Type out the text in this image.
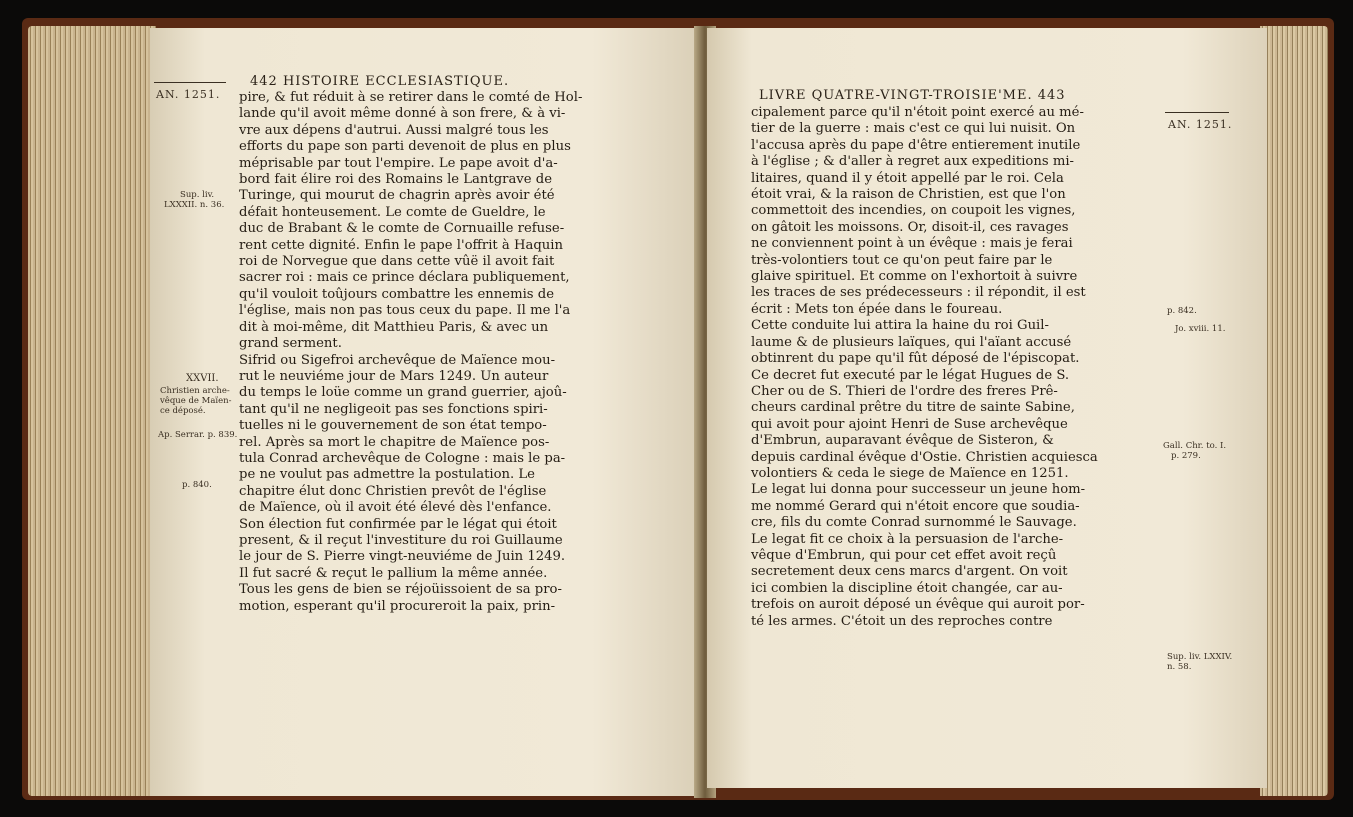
AN. 1251.
Sup. liv.
LXXXII. n. 36.
XXVII.
Christien arche-
vêque de Maïen-
ce déposé.
Ap. Serrar. p. 839.
p. 840.
442 HISTOIRE ECCLESIASTIQUE.
pire, & fut réduit à se retirer dans le comté de Hol-
lande qu'il avoit même donné à son frere, & à vi-
vre aux dépens d'autrui. Aussi malgré tous les
efforts du pape son parti devenoit de plus en plus
méprisable par tout l'empire. Le pape avoit d'a-
bord fait élire roi des Romains le Lantgrave de
Turinge, qui mourut de chagrin après avoir été
défait honteusement. Le comte de Gueldre, le
duc de Brabant & le comte de Cornuaille refuse-
rent cette dignité. Enfin le pape l'offrit à Haquin
roi de Norvegue que dans cette vûë il avoit fait
sacrer roi : mais ce prince déclara publiquement,
qu'il vouloit toûjours combattre les ennemis de
l'église, mais non pas tous ceux du pape. Il me l'a
dit à moi-même, dit Matthieu Paris, & avec un
grand serment.
Sifrid ou Sigefroi archevêque de Maïence mou-
rut le neuviéme jour de Mars 1249. Un auteur
du temps le loüe comme un grand guerrier, ajoû-
tant qu'il ne negligeoit pas ses fonctions spiri-
tuelles ni le gouvernement de son état tempo-
rel. Après sa mort le chapitre de Maïence pos-
tula Conrad archevêque de Cologne : mais le pa-
pe ne voulut pas admettre la postulation. Le
chapitre élut donc Christien prevôt de l'église
de Maïence, où il avoit été élevé dès l'enfance.
Son élection fut confirmée par le légat qui étoit
present, & il reçut l'investiture du roi Guillaume
le jour de S. Pierre vingt-neuviéme de Juin 1249.
Il fut sacré & reçut le pallium la même année.
Tous les gens de bien se réjoüissoient de sa pro-
motion, esperant qu'il procureroit la paix, prin-
LIVRE QUATRE-VINGT-TROISIE'ME. 443
AN. 1251.
p. 842.
Jo. xviii. 11.
Gall. Chr. to. I.
p. 279.
Sup. liv. LXXIV.
n. 58.
cipalement parce qu'il n'étoit point exercé au mé-
tier de la guerre : mais c'est ce qui lui nuisit. On
l'accusa après du pape d'être entierement inutile
à l'église ; & d'aller à regret aux expeditions mi-
litaires, quand il y étoit appellé par le roi. Cela
étoit vrai, & la raison de Christien, est que l'on
commettoit des incendies, on coupoit les vignes,
on gâtoit les moissons. Or, disoit-il, ces ravages
ne conviennent point à un évêque : mais je ferai
très-volontiers tout ce qu'on peut faire par le
glaive spirituel. Et comme on l'exhortoit à suivre
les traces de ses prédecesseurs : il répondit, il est
écrit : Mets ton épée dans le foureau.
Cette conduite lui attira la haine du roi Guil-
laume & de plusieurs laïques, qui l'aïant accusé
obtinrent du pape qu'il fût déposé de l'épiscopat.
Ce decret fut executé par le légat Hugues de S.
Cher ou de S. Thieri de l'ordre des freres Prê-
cheurs cardinal prêtre du titre de sainte Sabine,
qui avoit pour ajoint Henri de Suse archevêque
d'Embrun, auparavant évêque de Sisteron, &
depuis cardinal évêque d'Ostie. Christien acquiesca
volontiers & ceda le siege de Maïence en 1251.
Le legat lui donna pour successeur un jeune hom-
me nommé Gerard qui n'étoit encore que soudia-
cre, fils du comte Conrad surnommé le Sauvage.
Le legat fit ce choix à la persuasion de l'arche-
vêque d'Embrun, qui pour cet effet avoit reçû
secretement deux cens marcs d'argent. On voit
ici combien la discipline étoit changée, car au-
trefois on auroit déposé un évêque qui auroit por-
té les armes. C'étoit un des reproches contre
